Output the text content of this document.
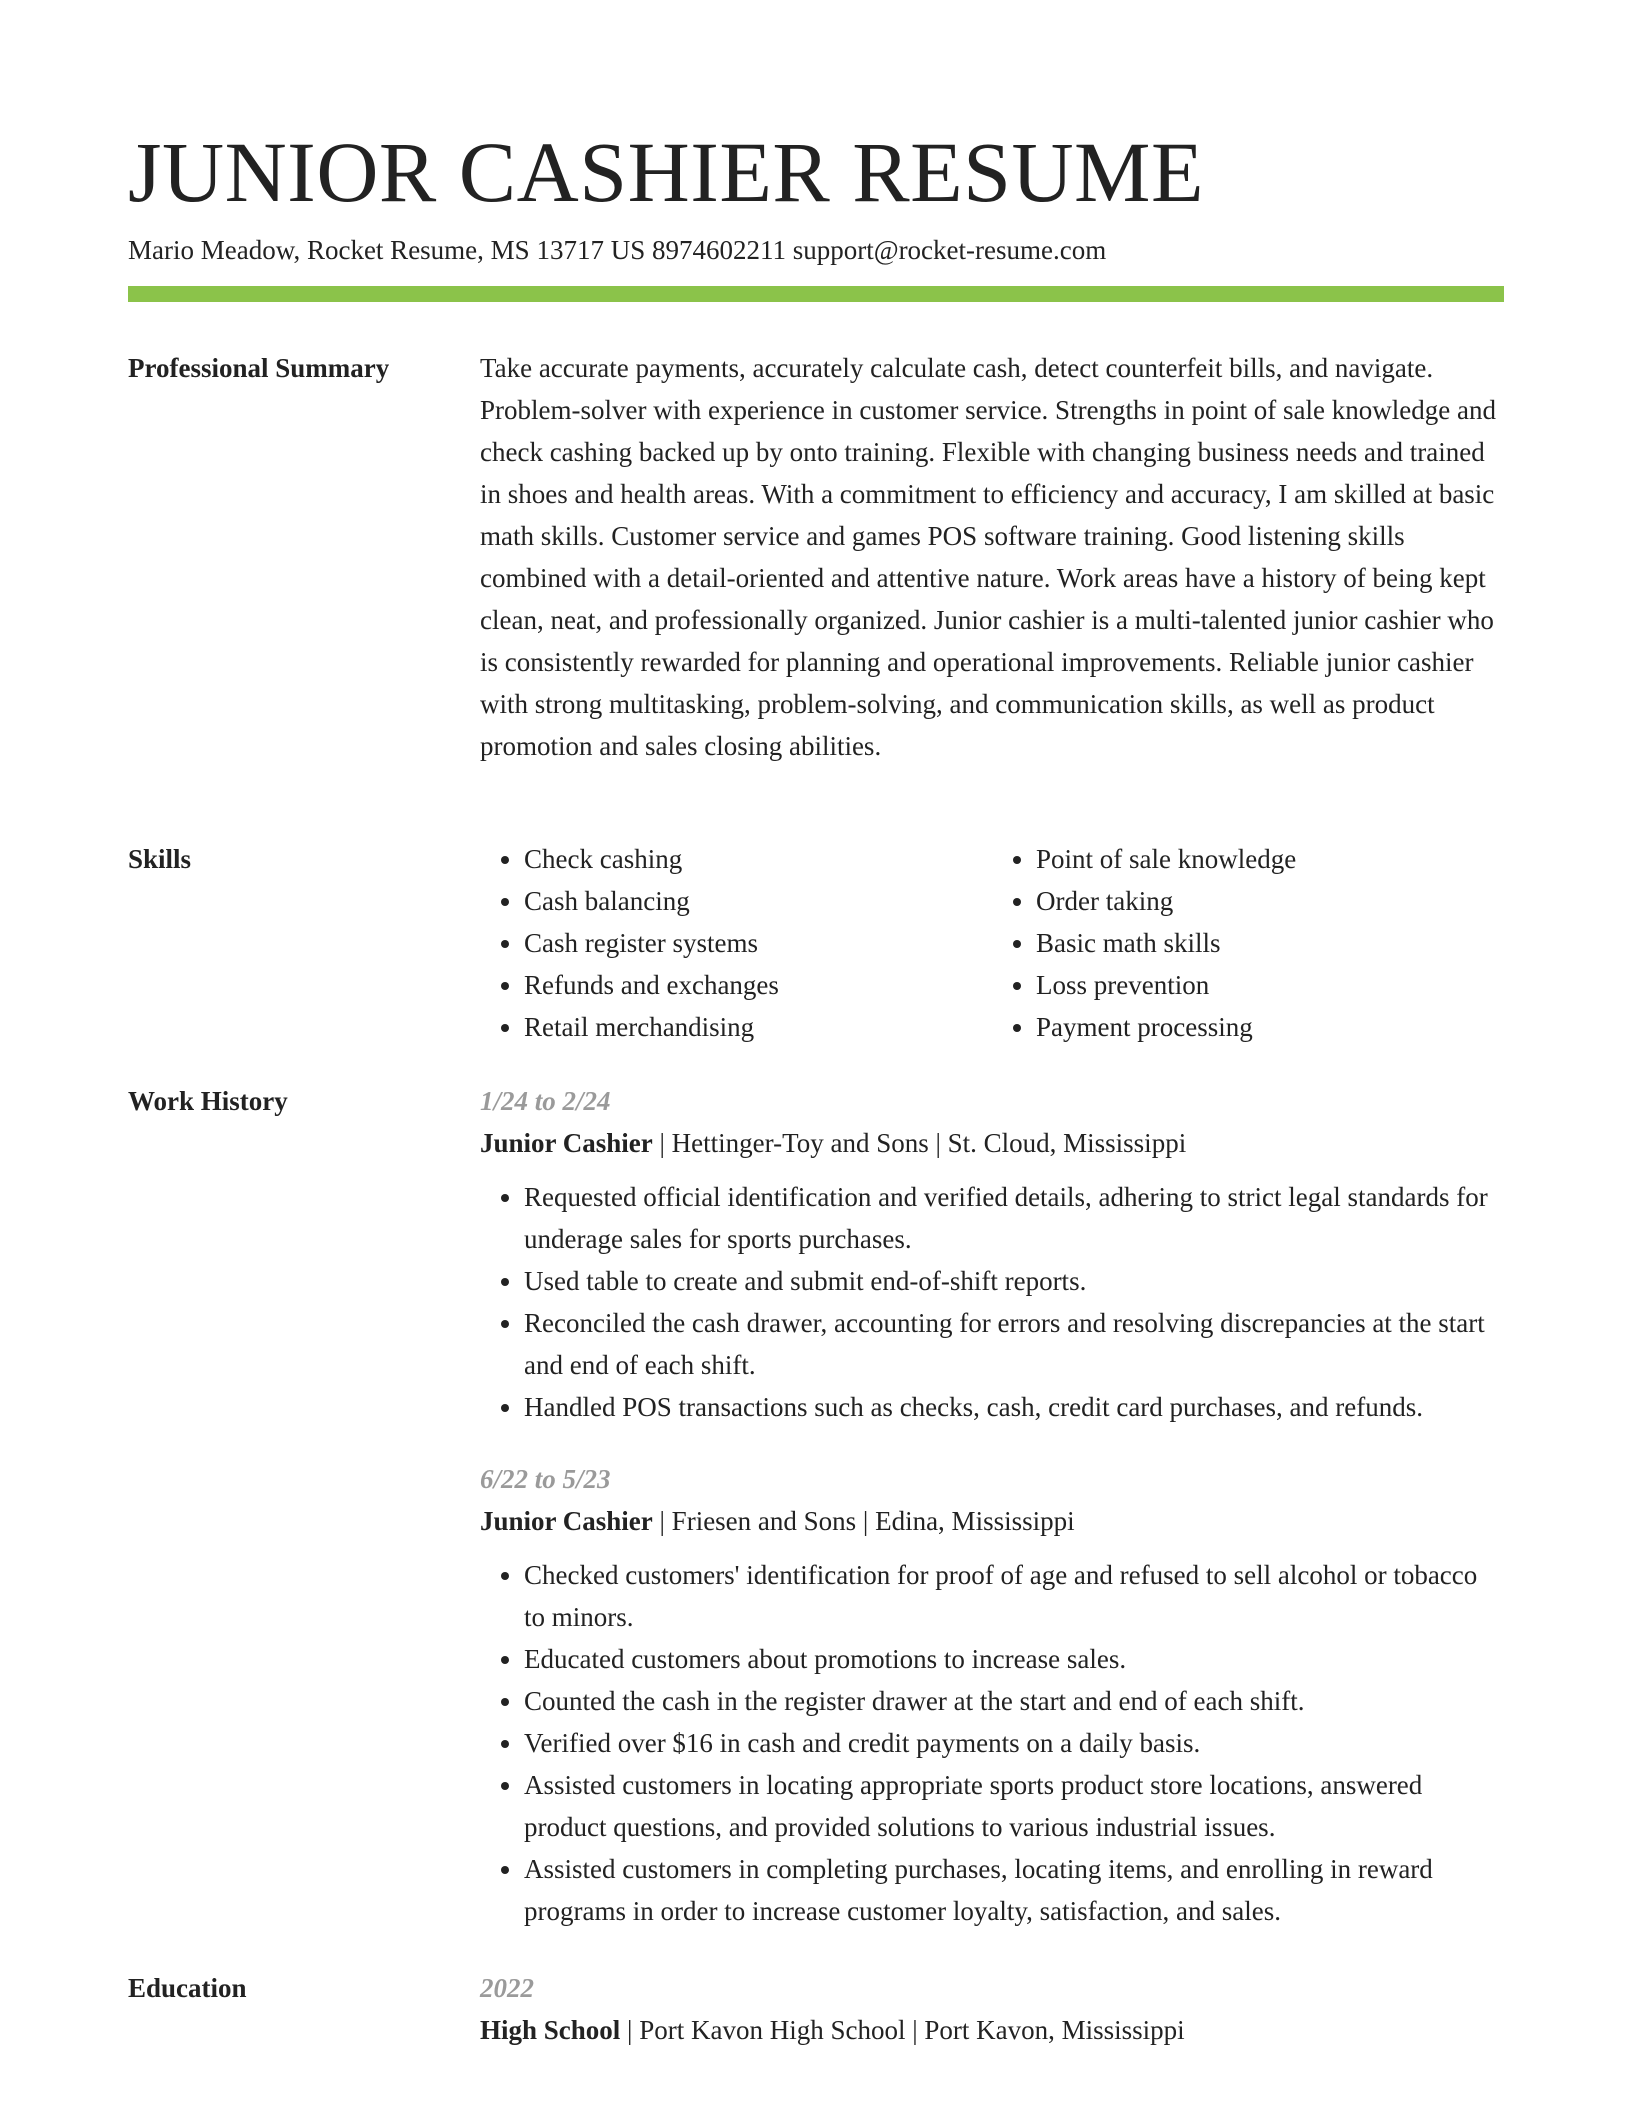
JUNIOR CASHIER RESUME
Mario Meadow, Rocket Resume, MS 13717 US 8974602211 support@rocket-resume.com
Professional Summary	Take accurate payments, accurately calculate cash, detect counterfeit bills, and navigate. Problem-solver with experience in customer service. Strengths in point of sale knowledge and check cashing backed up by onto training. Flexible with changing business needs and trained in shoes and health areas. With a commitment to efficiency and accuracy, I am skilled at basic math skills. Customer service and games POS software training. Good listening skills combined with a detail-oriented and attentive nature. Work areas have a history of being kept clean, neat, and professionally organized. Junior cashier is a multi-talented junior cashier who is consistently rewarded for planning and operational improvements. Reliable junior cashier with strong multitasking, problem-solving, and communication skills, as well as product promotion and sales closing abilities.

Skills
•	Check cashing
• Cash balancing
• Cash register systems
• Refunds and exchanges
• Retail merchandising
• Point of sale knowledge
• Order taking
• Basic math skills
• Loss prevention
• Payment processing
Work History	1/24 to 2/24
Junior Cashier | Hettinger-Toy and Sons | St. Cloud, Mississippi
• Requested official identification and verified details, adhering to strict legal standards for underage sales for sports purchases.
• Used table to create and submit end-of-shift reports.
• Reconciled the cash drawer, accounting for errors and resolving discrepancies at the start and end of each shift.
• Handled POS transactions such as checks, cash, credit card purchases, and refunds.
6/22 to 5/23
Junior Cashier | Friesen and Sons | Edina, Mississippi
• Checked customers' identification for proof of age and refused to sell alcohol or tobacco to minors.
• Educated customers about promotions to increase sales.
• Counted the cash in the register drawer at the start and end of each shift.
• Verified over $16 in cash and credit payments on a daily basis.
• Assisted customers in locating appropriate sports product store locations, answered product questions, and provided solutions to various industrial issues.
• Assisted customers in completing purchases, locating items, and enrolling in reward programs in order to increase customer loyalty, satisfaction, and sales.
Education	2022
High School | Port Kavon High School | Port Kavon, Mississippi
